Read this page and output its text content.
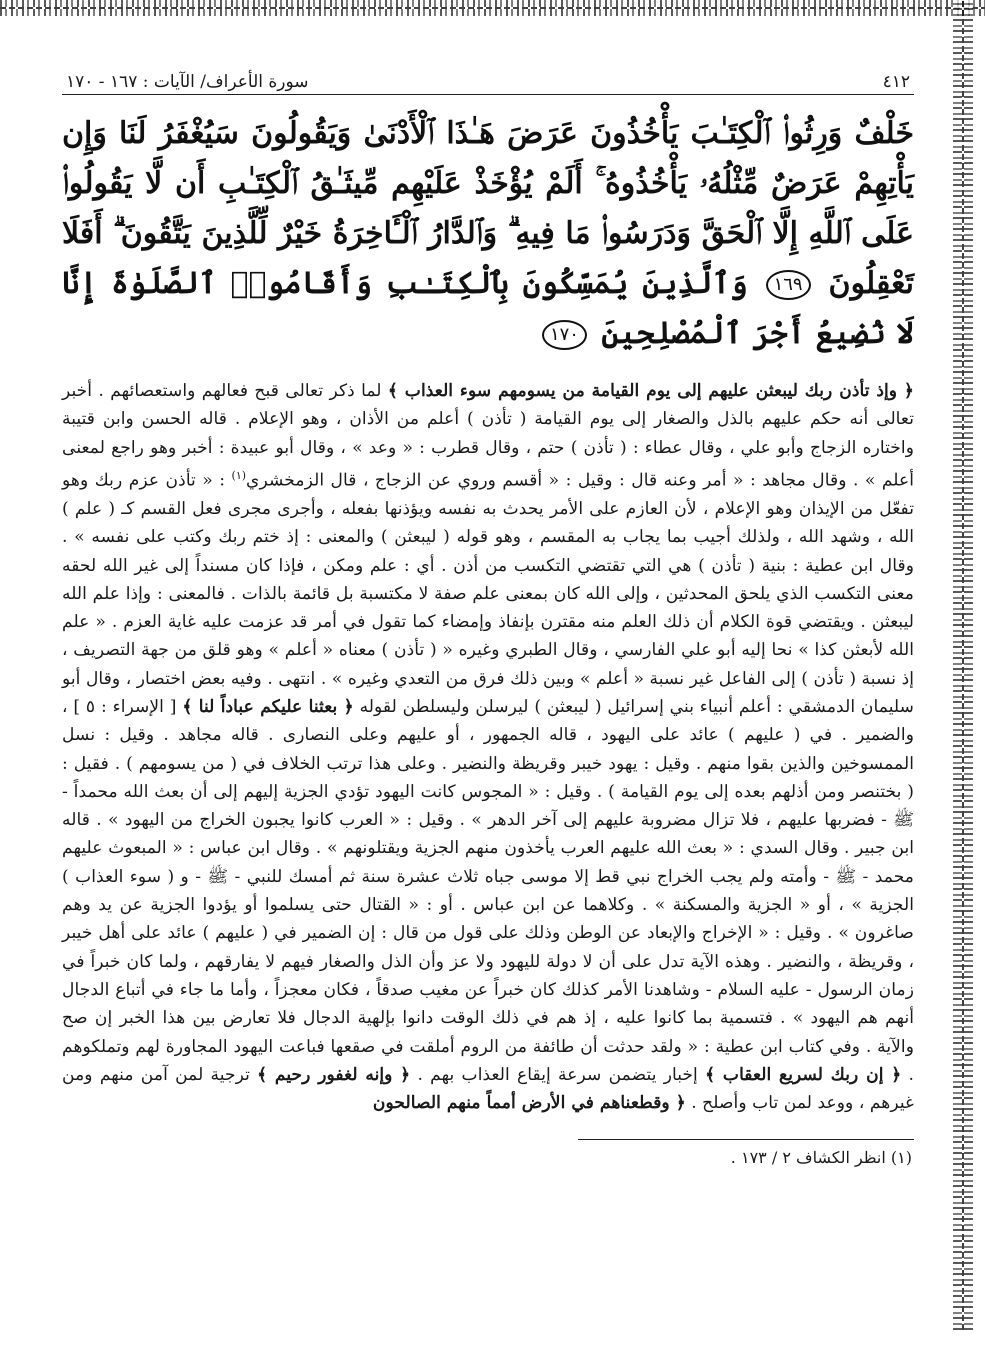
٤١٢
سورة الأعراف/ الآيات : ١٦٧ - ١٧٠
خَلْفٌ وَرِثُوا۟ ٱلْكِتَـٰبَ يَأْخُذُونَ عَرَضَ هَـٰذَا ٱلْأَدْنَىٰ وَيَقُولُونَ سَيُغْفَرُ لَنَا وَإِن يَأْتِهِمْ عَرَضٌ مِّثْلُهُۥ يَأْخُذُوهُ ۚ أَلَمْ يُؤْخَذْ عَلَيْهِم مِّيثَـٰقُ ٱلْكِتَـٰبِ أَن لَّا يَقُولُوا۟ عَلَى ٱللَّهِ إِلَّا ٱلْحَقَّ وَدَرَسُوا۟ مَا فِيهِ ۗ وَٱلدَّارُ ٱلْـَٔاخِرَةُ خَيْرٌ لِّلَّذِينَ يَتَّقُونَ ۗ أَفَلَا تَعْقِلُونَ ١٦٩ وَٱلَّذِينَ يُمَسِّكُونَ بِٱلْكِتَـٰبِ وَأَقَامُوا۟ ٱلصَّلَوٰةَ إِنَّا لَا نُضِيعُ أَجْرَ ٱلْمُصْلِحِينَ ١٧٠

﴿ وإذ تأذن ربك ليبعثن عليهم إلى يوم القيامة من يسومهم سوء العذاب ﴾ لما ذكر تعالى قبح فعالهم واستعصائهم . أخبر تعالى أنه حكم عليهم بالذل والصغار إلى يوم القيامة ( تأذن ) أعلم من الأذان ، وهو الإعلام . قاله الحسن وابن قتيبة واختاره الزجاج وأبو علي ، وقال عطاء : ( تأذن ) حتم ، وقال قطرب : « وعد » ، وقال أبو عبيدة : أخبر وهو راجع لمعنى أعلم » . وقال مجاهد : « أمر وعنه قال : وقيل : « أقسم وروي عن الزجاج ، قال الزمخشري$^{(١)}$ : « تأذن عزم ربك وهو تفعّل من الإيذان وهو الإعلام ، لأن العازم على الأمر يحدث به نفسه ويؤذنها بفعله ، وأجرى مجرى فعل القسم كـ ( علم ) الله ، وشهد الله ، ولذلك أجيب بما يجاب به المقسم ، وهو قوله ( ليبعثن ) والمعنى : إذ ختم ربك وكتب على نفسه » . وقال ابن عطية : بنية ( تأذن ) هي التي تقتضي التكسب من أذن . أي : علم ومكن ، فإذا كان مسنداً إلى غير الله لحقه معنى التكسب الذي يلحق المحدثين ، وإلى الله كان بمعنى علم صفة لا مكتسبة بل قائمة بالذات . فالمعنى : وإذا علم الله ليبعثن . ويقتضي قوة الكلام أن ذلك العلم منه مقترن بإنفاذ وإمضاء كما تقول في أمر قد عزمت عليه غاية العزم . « علم الله لأبعثن كذا » نحا إليه أبو علي الفارسي ، وقال الطبري وغيره « ( تأذن ) معناه « أعلم » وهو قلق من جهة التصريف ، إذ نسبة ( تأذن ) إلى الفاعل غير نسبة « أعلم » وبين ذلك فرق من التعدي وغيره » . انتهى . وفيه بعض اختصار ، وقال أبو سليمان الدمشقي : أعلم أنبياء بني إسرائيل ( ليبعثن ) ليرسلن وليسلطن لقوله ﴿ بعثنا عليكم عباداً لنا ﴾ [ الإسراء : ٥ ] ، والضمير . في ( عليهم ) عائد على اليهود ، قاله الجمهور ، أو عليهم وعلى النصارى . قاله مجاهد . وقيل : نسل الممسوخين والذين بقوا منهم . وقيل : يهود خيبر وقريظة والنضير . وعلى هذا ترتب الخلاف في ( من يسومهم ) . فقيل : ( بختنصر ومن أذلهم بعده إلى يوم القيامة ) . وقيل : « المجوس كانت اليهود تؤدي الجزية إليهم إلى أن بعث الله محمداً - ﷺ - فضربها عليهم ، فلا تزال مضروبة عليهم إلى آخر الدهر » . وقيل : « العرب كانوا يجبون الخراج من اليهود » . قاله ابن جبير . وقال السدي : « بعث الله عليهم العرب يأخذون منهم الجزية ويقتلونهم » . وقال ابن عباس : « المبعوث عليهم محمد - ﷺ - وأمته ولم يجب الخراج نبي قط إلا موسى جباه ثلاث عشرة سنة ثم أمسك للنبي - ﷺ - و ( سوء العذاب ) الجزية » ، أو « الجزية والمسكنة » . وكلاهما عن ابن عباس . أو : « القتال حتى يسلموا أو يؤدوا الجزية عن يد وهم صاغرون » . وقيل : « الإخراج والإبعاد عن الوطن وذلك على قول من قال : إن الضمير في ( عليهم ) عائد على أهل خيبر ، وقريظة ، والنضير . وهذه الآية تدل على أن لا دولة لليهود ولا عز وأن الذل والصغار فيهم لا يفارقهم ، ولما كان خبراً في زمان الرسول - عليه السلام - وشاهدنا الأمر كذلك كان خبراً عن مغيب صدقاً ، فكان معجزاً ، وأما ما جاء في أتباع الدجال أنهم هم اليهود » . فتسمية بما كانوا عليه ، إذ هم في ذلك الوقت دانوا بإلهية الدجال فلا تعارض بين هذا الخبر إن صح والآية . وفي كتاب ابن عطية : « ولقد حدثت أن طائفة من الروم أملقت في صقعها فباعت اليهود المجاورة لهم وتملكوهم . ﴿ إن ربك لسريع العقاب ﴾ إخبار يتضمن سرعة إيقاع العذاب بهم . ﴿ وإنه لغفور رحيم ﴾ ترجية لمن آمن منهم ومن غيرهم ، ووعد لمن تاب وأصلح . ﴿ وقطعناهم في الأرض أمماً منهم الصالحون

(١) انظر الكشاف ٢ / ١٧٣ .
